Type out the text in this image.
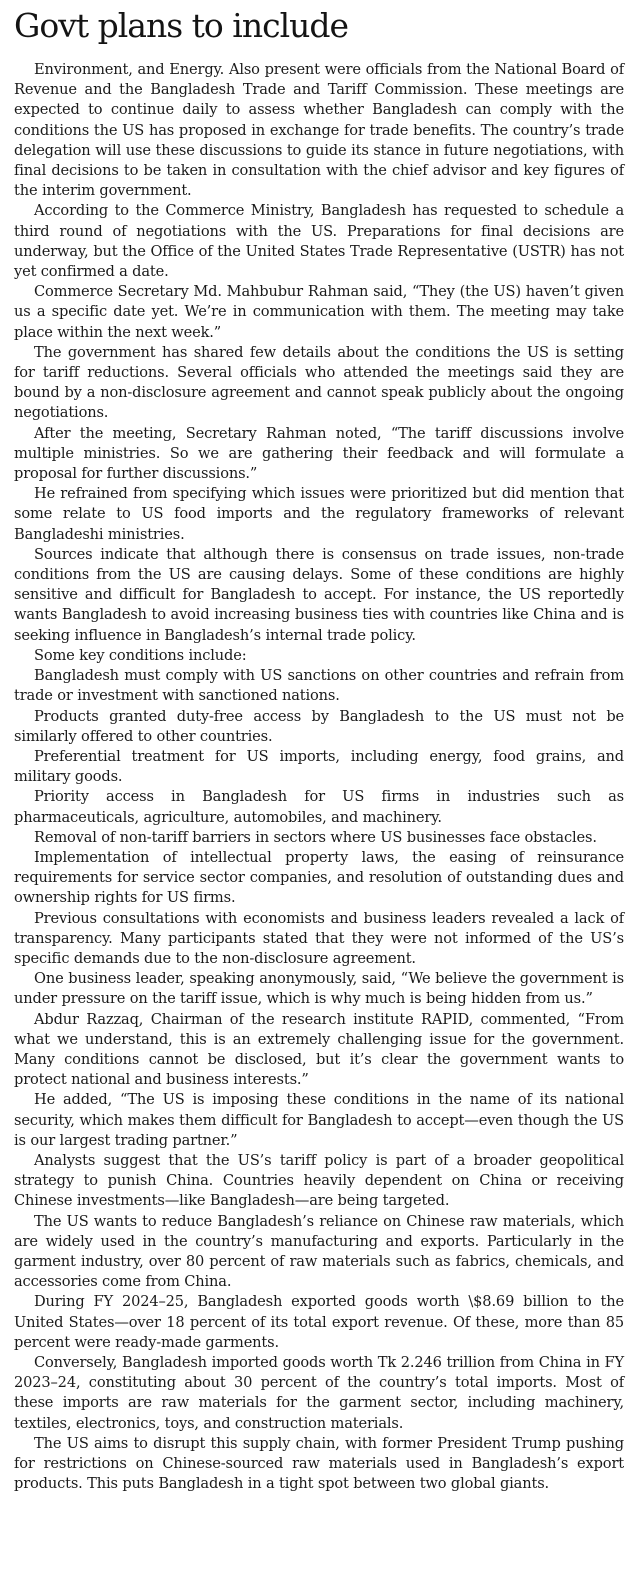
Govt plans to include

Environment, and Energy. Also present were officials from the National Board of Revenue and the Bangladesh Trade and Tariff Commission. These meetings are expected to continue daily to assess whether Bangladesh can comply with the conditions the US has proposed in exchange for trade benefits. The country’s trade delegation will use these discussions to guide its stance in future negotiations, with final decisions to be taken in consultation with the chief advisor and key figures of the interim government.

According to the Commerce Ministry, Bangladesh has requested to schedule a third round of negotiations with the US. Preparations for final decisions are underway, but the Office of the United States Trade Representative (USTR) has not yet confirmed a date.

Commerce Secretary Md. Mahbubur Rahman said, “They (the US) haven’t given us a specific date yet. We’re in communication with them. The meeting may take place within the next week.”

The government has shared few details about the conditions the US is setting for tariff reductions. Several officials who attended the meetings said they are bound by a non-disclosure agreement and cannot speak publicly about the ongoing negotiations.

After the meeting, Secretary Rahman noted, “The tariff discussions involve multiple ministries. So we are gathering their feedback and will formulate a proposal for further discussions.”

He refrained from specifying which issues were prioritized but did mention that some relate to US food imports and the regulatory frameworks of relevant Bangladeshi ministries.

Sources indicate that although there is consensus on trade issues, non-trade conditions from the US are causing delays. Some of these conditions are highly sensitive and difficult for Bangladesh to accept. For instance, the US reportedly wants Bangladesh to avoid increasing business ties with countries like China and is seeking influence in Bangladesh’s internal trade policy.

Some key conditions include:

Bangladesh must comply with US sanctions on other countries and refrain from trade or investment with sanctioned nations.

Products granted duty-free access by Bangladesh to the US must not be similarly offered to other countries.

Preferential treatment for US imports, including energy, food grains, and military goods.

Priority access in Bangladesh for US firms in industries such as pharmaceuticals, agriculture, automobiles, and machinery.

Removal of non-tariff barriers in sectors where US businesses face obstacles.

Implementation of intellectual property laws, the easing of reinsurance requirements for service sector companies, and resolution of outstanding dues and ownership rights for US firms.

Previous consultations with economists and business leaders revealed a lack of transparency. Many participants stated that they were not informed of the US’s specific demands due to the non-disclosure agreement.

One business leader, speaking anonymously, said, “We believe the government is under pressure on the tariff issue, which is why much is being hidden from us.”

Abdur Razzaq, Chairman of the research institute RAPID, commented, “From what we understand, this is an extremely challenging issue for the government. Many conditions cannot be disclosed, but it’s clear the government wants to protect national and business interests.”

He added, “The US is imposing these conditions in the name of its national security, which makes them difficult for Bangladesh to accept—even though the US is our largest trading partner.”

Analysts suggest that the US’s tariff policy is part of a broader geopolitical strategy to punish China. Countries heavily dependent on China or receiving Chinese investments—like Bangladesh—are being targeted.

The US wants to reduce Bangladesh’s reliance on Chinese raw materials, which are widely used in the country’s manufacturing and exports. Particularly in the garment industry, over 80 percent of raw materials such as fabrics, chemicals, and accessories come from China.

During FY 2024–25, Bangladesh exported goods worth \$8.69 billion to the United States—over 18 percent of its total export revenue. Of these, more than 85 percent were ready-made garments.

Conversely, Bangladesh imported goods worth Tk 2.246 trillion from China in FY 2023–24, constituting about 30 percent of the country’s total imports. Most of these imports are raw materials for the garment sector, including machinery, textiles, electronics, toys, and construction materials.

The US aims to disrupt this supply chain, with former President Trump pushing for restrictions on Chinese-sourced raw materials used in Bangladesh’s export products. This puts Bangladesh in a tight spot between two global giants.
